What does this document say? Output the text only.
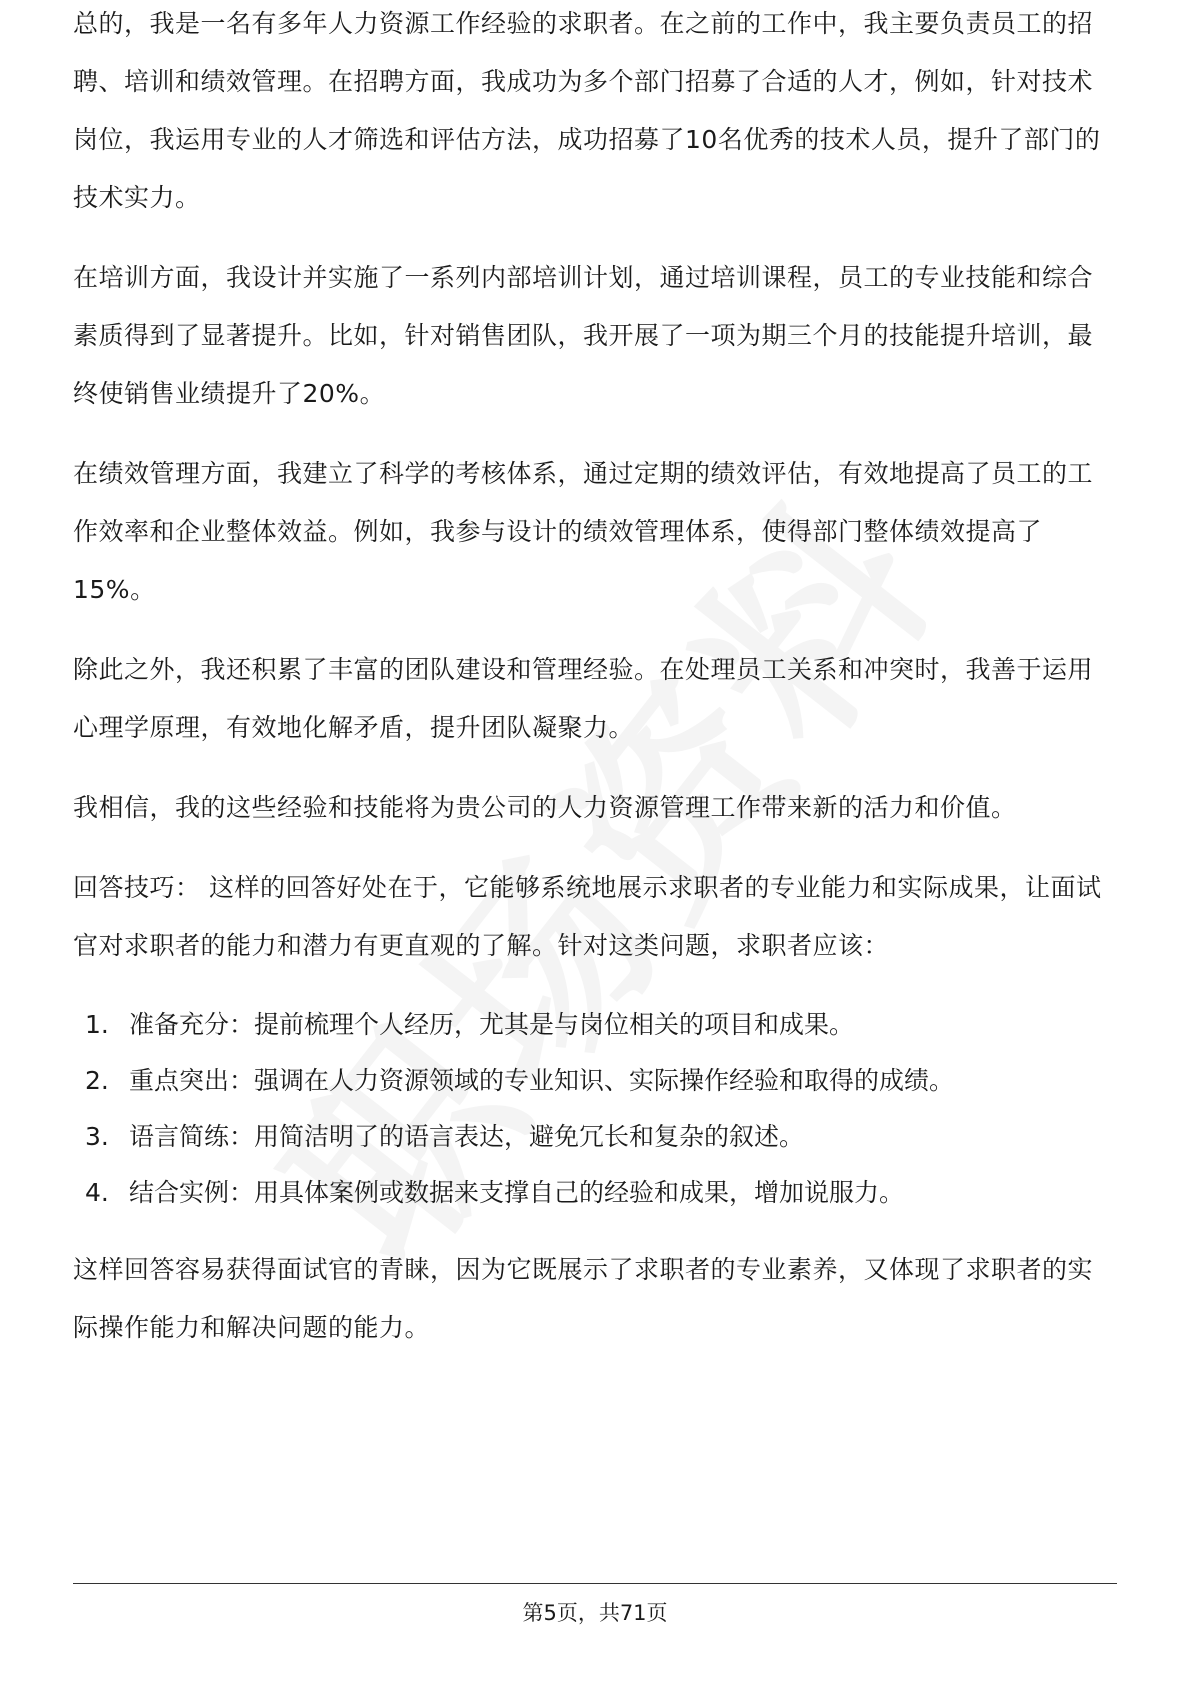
总的，我是一名有多年人力资源工作经验的求职者。在之前的工作中，我主要负责员工的招聘、培训和绩效管理。在招聘方面，我成功为多个部门招募了合适的人才，例如，针对技术岗位，我运用专业的人才筛选和评估方法，成功招募了10名优秀的技术人员，提升了部门的技术实力。

在培训方面，我设计并实施了一系列内部培训计划，通过培训课程，员工的专业技能和综合素质得到了显著提升。比如，针对销售团队，我开展了一项为期三个月的技能提升培训，最终使销售业绩提升了20%。

在绩效管理方面，我建立了科学的考核体系，通过定期的绩效评估，有效地提高了员工的工作效率和企业整体效益。例如，我参与设计的绩效管理体系，使得部门整体绩效提高了15%。

除此之外，我还积累了丰富的团队建设和管理经验。在处理员工关系和冲突时，我善于运用心理学原理，有效地化解矛盾，提升团队凝聚力。

我相信，我的这些经验和技能将为贵公司的人力资源管理工作带来新的活力和价值。

回答技巧： 这样的回答好处在于，它能够系统地展示求职者的专业能力和实际成果，让面试官对求职者的能力和潜力有更直观的了解。针对这类问题，求职者应该：

1. 准备充分：提前梳理个人经历，尤其是与岗位相关的项目和成果。
2. 重点突出：强调在人力资源领域的专业知识、实际操作经验和取得的成绩。
3. 语言简练：用简洁明了的语言表达，避免冗长和复杂的叙述。
4. 结合实例：用具体案例或数据来支撑自己的经验和成果，增加说服力。

这样回答容易获得面试官的青睐，因为它既展示了求职者的专业素养，又体现了求职者的实际操作能力和解决问题的能力。

第5页，共71页
